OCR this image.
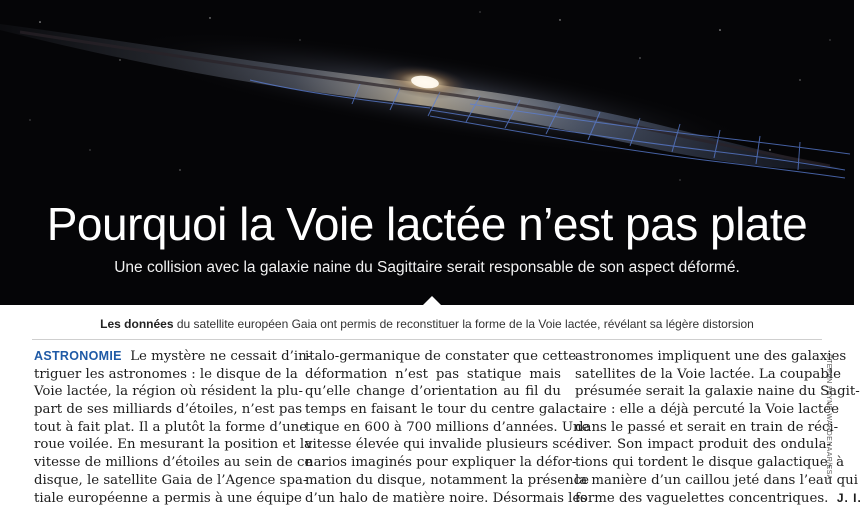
Pourquoi la Voie lactée n’est pas plate
Une collision avec la galaxie naine du Sagittaire serait responsable de son aspect déformé.
Les données du satellite européen Gaia ont permis de reconstituer la forme de la Voie lactée, révélant sa légère distorsion
ASTRONOMIE Le mystère ne cessait d’in-
triguer les astronomes : le disque de la
Voie lactée, la région où résident la plu-
part de ses milliards d’étoiles, n’est pas
tout à fait plat. Il a plutôt la forme d’une
roue voilée. En mesurant la position et la
vitesse de millions d’étoiles au sein de ce
disque, le satellite Gaia de l’Agence spa-
tiale européenne a permis à une équipe
italo-germanique de constater que cette
déformation n’est pas statique mais
qu’elle change d’orientation au fil du
temps en faisant le tour du centre galac-
tique en 600 à 700 millions d’années. Une
vitesse élevée qui invalide plusieurs scé-
narios imaginés pour expliquer la défor-
mation du disque, notamment la présence
d’un halo de matière noire. Désormais les
astronomes impliquent une des galaxies
satellites de la Voie lactée. La coupable
présumée serait la galaxie naine du Sagit-
taire : elle a déjà percuté la Voie lactée
dans le passé et serait en train de réci-
diver. Son impact produit des ondula-
tions qui tordent le disque galactique, à
la manière d’un caillou jeté dans l’eau qui
forme des vaguelettes concentriques. J. I.
STEFAN PAYNE-WARDENAAR/ESA
